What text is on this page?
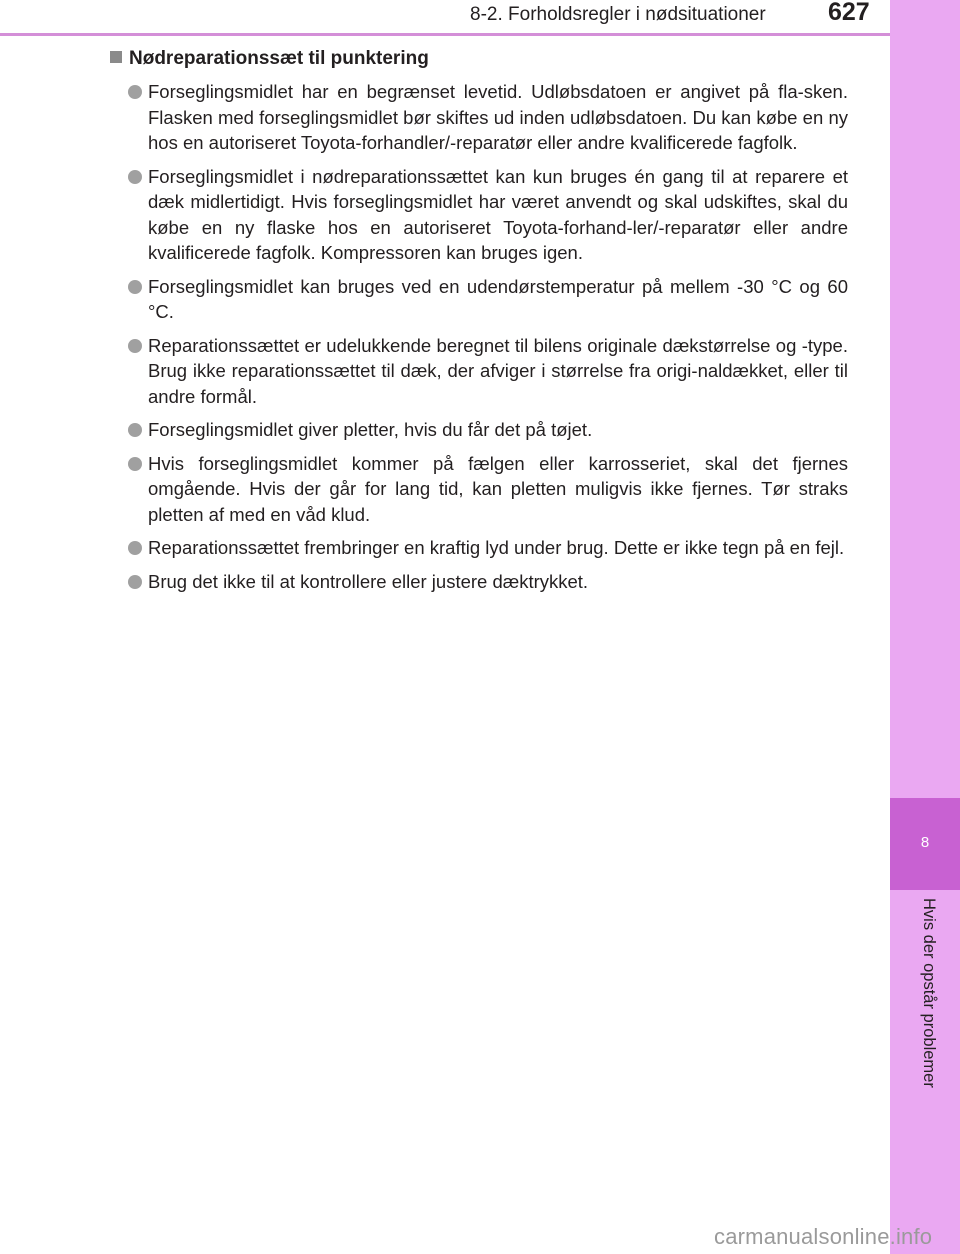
8-2. Forholdsregler i nødsituationer 627
8
Hvis der opstår problemer
Nødreparationssæt til punktering
Forseglingsmidlet har en begrænset levetid. Udløbsdatoen er angivet på fla-sken. Flasken med forseglingsmidlet bør skiftes ud inden udløbsdatoen. Du kan købe en ny hos en autoriseret Toyota-forhandler/-reparatør eller andre kvalificerede fagfolk.
Forseglingsmidlet i nødreparationssættet kan kun bruges én gang til at reparere et dæk midlertidigt. Hvis forseglingsmidlet har været anvendt og skal udskiftes, skal du købe en ny flaske hos en autoriseret Toyota-forhand-ler/-reparatør eller andre kvalificerede fagfolk. Kompressoren kan bruges igen.
Forseglingsmidlet kan bruges ved en udendørstemperatur på mellem -30 °C og 60 °C.
Reparationssættet er udelukkende beregnet til bilens originale dækstørrelse og -type. Brug ikke reparationssættet til dæk, der afviger i størrelse fra origi-naldækket, eller til andre formål.
Forseglingsmidlet giver pletter, hvis du får det på tøjet.
Hvis forseglingsmidlet kommer på fælgen eller karrosseriet, skal det fjernes omgående. Hvis der går for lang tid, kan pletten muligvis ikke fjernes. Tør straks pletten af med en våd klud.
Reparationssættet frembringer en kraftig lyd under brug. Dette er ikke tegn på en fejl.
Brug det ikke til at kontrollere eller justere dæktrykket.
carmanualsonline.info
